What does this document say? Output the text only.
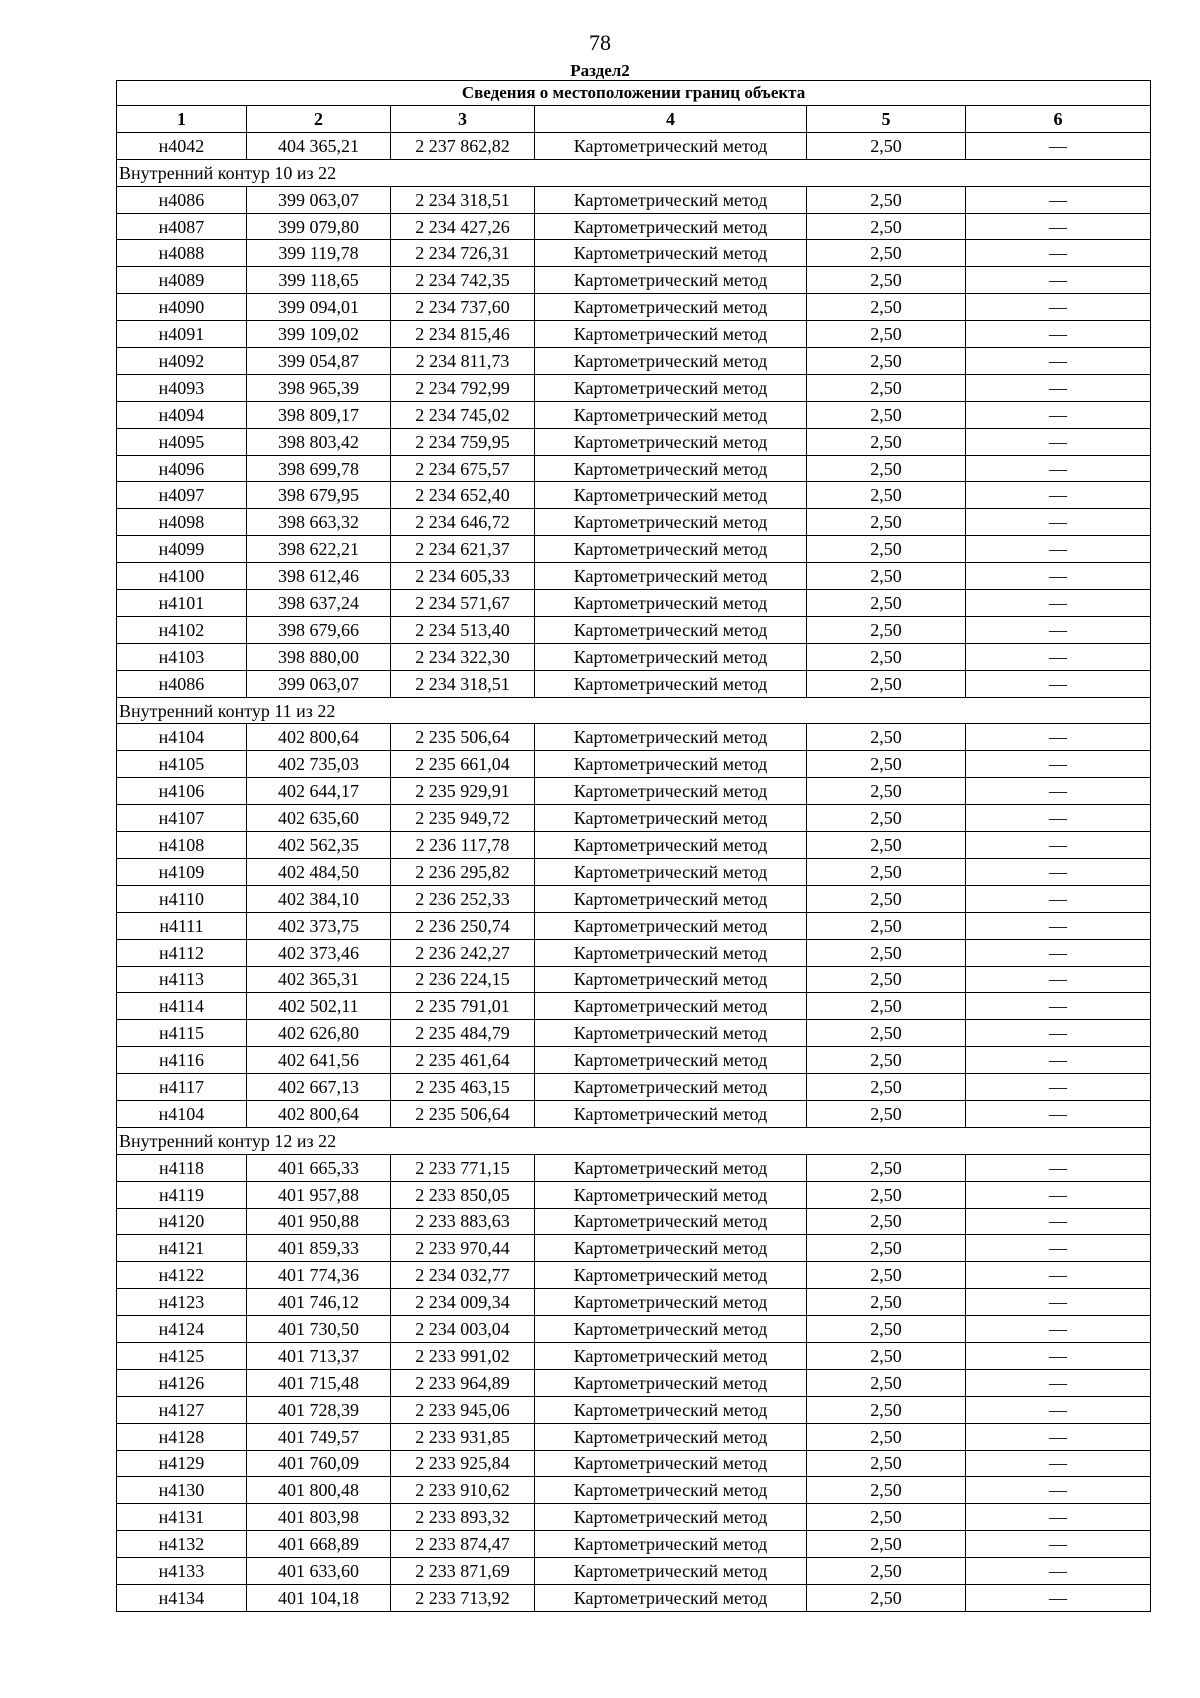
78
Раздел2
Сведения о местоположении границ объекта					
1	2	3	4	5	6
н4042	404 365,21	2 237 862,82	Картометрический метод	2,50	—
Внутренний контур 10 из 22					
н4086	399 063,07	2 234 318,51	Картометрический метод	2,50	—
н4087	399 079,80	2 234 427,26	Картометрический метод	2,50	—
н4088	399 119,78	2 234 726,31	Картометрический метод	2,50	—
н4089	399 118,65	2 234 742,35	Картометрический метод	2,50	—
н4090	399 094,01	2 234 737,60	Картометрический метод	2,50	—
н4091	399 109,02	2 234 815,46	Картометрический метод	2,50	—
н4092	399 054,87	2 234 811,73	Картометрический метод	2,50	—
н4093	398 965,39	2 234 792,99	Картометрический метод	2,50	—
н4094	398 809,17	2 234 745,02	Картометрический метод	2,50	—
н4095	398 803,42	2 234 759,95	Картометрический метод	2,50	—
н4096	398 699,78	2 234 675,57	Картометрический метод	2,50	—
н4097	398 679,95	2 234 652,40	Картометрический метод	2,50	—
н4098	398 663,32	2 234 646,72	Картометрический метод	2,50	—
н4099	398 622,21	2 234 621,37	Картометрический метод	2,50	—
н4100	398 612,46	2 234 605,33	Картометрический метод	2,50	—
н4101	398 637,24	2 234 571,67	Картометрический метод	2,50	—
н4102	398 679,66	2 234 513,40	Картометрический метод	2,50	—
н4103	398 880,00	2 234 322,30	Картометрический метод	2,50	—
н4086	399 063,07	2 234 318,51	Картометрический метод	2,50	—
Внутренний контур 11 из 22					
н4104	402 800,64	2 235 506,64	Картометрический метод	2,50	—
н4105	402 735,03	2 235 661,04	Картометрический метод	2,50	—
н4106	402 644,17	2 235 929,91	Картометрический метод	2,50	—
н4107	402 635,60	2 235 949,72	Картометрический метод	2,50	—
н4108	402 562,35	2 236 117,78	Картометрический метод	2,50	—
н4109	402 484,50	2 236 295,82	Картометрический метод	2,50	—
н4110	402 384,10	2 236 252,33	Картометрический метод	2,50	—
н4111	402 373,75	2 236 250,74	Картометрический метод	2,50	—
н4112	402 373,46	2 236 242,27	Картометрический метод	2,50	—
н4113	402 365,31	2 236 224,15	Картометрический метод	2,50	—
н4114	402 502,11	2 235 791,01	Картометрический метод	2,50	—
н4115	402 626,80	2 235 484,79	Картометрический метод	2,50	—
н4116	402 641,56	2 235 461,64	Картометрический метод	2,50	—
н4117	402 667,13	2 235 463,15	Картометрический метод	2,50	—
н4104	402 800,64	2 235 506,64	Картометрический метод	2,50	—
Внутренний контур 12 из 22					
н4118	401 665,33	2 233 771,15	Картометрический метод	2,50	—
н4119	401 957,88	2 233 850,05	Картометрический метод	2,50	—
н4120	401 950,88	2 233 883,63	Картометрический метод	2,50	—
н4121	401 859,33	2 233 970,44	Картометрический метод	2,50	—
н4122	401 774,36	2 234 032,77	Картометрический метод	2,50	—
н4123	401 746,12	2 234 009,34	Картометрический метод	2,50	—
н4124	401 730,50	2 234 003,04	Картометрический метод	2,50	—
н4125	401 713,37	2 233 991,02	Картометрический метод	2,50	—
н4126	401 715,48	2 233 964,89	Картометрический метод	2,50	—
н4127	401 728,39	2 233 945,06	Картометрический метод	2,50	—
н4128	401 749,57	2 233 931,85	Картометрический метод	2,50	—
н4129	401 760,09	2 233 925,84	Картометрический метод	2,50	—
н4130	401 800,48	2 233 910,62	Картометрический метод	2,50	—
н4131	401 803,98	2 233 893,32	Картометрический метод	2,50	—
н4132	401 668,89	2 233 874,47	Картометрический метод	2,50	—
н4133	401 633,60	2 233 871,69	Картометрический метод	2,50	—
н4134	401 104,18	2 233 713,92	Картометрический метод	2,50	—
